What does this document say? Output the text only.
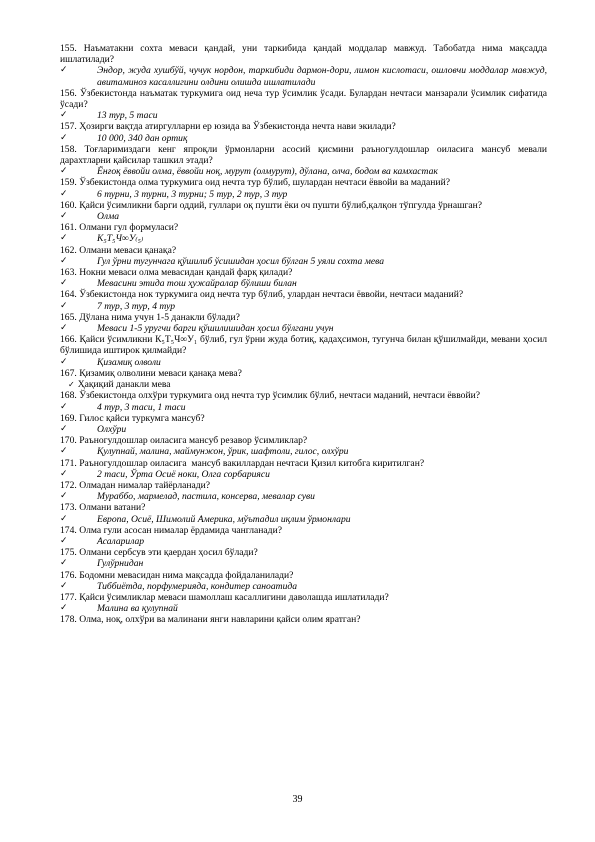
155. Наъматакни сохта меваси қандай, уни таркибида қандай моддалар мавжуд. Табобатда нима мақсадда ишлатилади?
✓	Эндор, жуда хушбўй, чучук нордон, таркибиди дармон-дори, лимон кислотаси, ошловчи моддалар мавжуд, авитаминоз касаллигини олдини олишда ишлатилади
156. Ўзбекистонда наъматак туркумига оид неча тур ўсимлик ўсади. Булардан нечтаси манзарали ўсимлик сифатида ўсади?
✓	13 тур, 5 таси
157. Ҳозирги вақтда атиргулларни ер юзида ва Ўзбекистонда нечта нави экилади?
✓	10 000, 340 дан ортиқ
158. Тоғларимиздаги кенг япроқли ўрмонларни асосий қисмини раъногулдошлар оиласига мансуб мевали дарахтларни қайсилар ташкил этади?
✓	Ёнғоқ ёввойи олма, ёввойи ноқ, мурут (олмурут), дўлана, олча, бодом ва камхастак
159. Ўзбекистонда олма туркумига оид нечта тур бўлиб, шулардан нечтаси ёввойи ва маданий?
✓	6 турни, 3 турни, 3 турни; 5 тур, 2 тур, 3 тур
160. Қайси ўсимликни барги оддий, гуллари оқ пушти ёки оч пушти бўлиб,қалқон тўпгулда ўрнашган?
✓	Олма
161. Олмани гул формуласи?
✓	К₅Т₅Ч∞У₍₅₎
162. Олмани меваси қанақа?
✓	Гул ўрни тугунчага қўшилиб ўсишидан ҳосил бўлган 5 уяли сохта мева
163. Нокни меваси олма мевасидан қандай фарқ қилади?
✓	Мевасини этида тош ҳужайралар бўлиши билан
164. Ўзбекистонда нок туркумига оид нечта тур бўлиб, улардан нечтаси ёввойи, нечтаси маданий?
✓	7 тур, 3 тур, 4 тур
165. Дўлана нима учун 1-5 данакли бўлади?
✓	Меваси 1-5 уругчи барги қўшилишидан ҳосил бўлгани учун
166. Қайси ўсимликни К₅Т₅Ч∞У₁ бўлиб, гул ўрни жуда ботиқ, қадаҳсимон, тугунча билан қўшилмайди, мевани ҳосил бўлишида иштирок қилмайди?
✓	Қизамиқ олволи
167. Қизамиқ олволини меваси қанақа мева?
✓ Ҳақиқий данакли мева
168. Ўзбекистонда олхўри туркумига оид нечта тур ўсимлик бўлиб, нечтаси маданий, нечтаси ёввойи?
✓	4 тур, 3 таси, 1 таси
169. Гилос қайси туркумга мансуб?
✓	Олхўри
170. Раъногулдошлар оиласига мансуб резавор ўсимликлар?
✓	Қулупнай, малина, маймунжон, ўрик, шафтоли, гилос, олхўри
171. Раъногулдошлар оиласига  мансуб вакиллардан нечтаси Қизил китобга киритилган?
✓	2 таси, Ўрта Осиё ноки, Олга сорбарияси
172. Олмадан нималар тайёрланади?
✓	Мураббо, мармелад, пастила, консерва, мевалар суви
173. Олмани ватани?
✓	Европа, Осиё, Шимолий Америка, мўътадил иқлим ўрмонлари
174. Олма гули асосан нималар ёрдамида чангланади?
✓	Асаларилар
175. Олмани сербсув эти қаердан ҳосил бўлади?
✓	Гулўрнидан
176. Бодомни мевасидан нима мақсадда фойдаланилади?
✓	Тиббиётда, порфумерияда, кондитер саноатида
177. Қайси ўсимликлар меваси шамоллаш касаллигини даволашда ишлатилади?
✓	Малина ва қулупнай
178. Олма, ноқ, олхўри ва малинани янги навларини қайси олим яратган?
39
